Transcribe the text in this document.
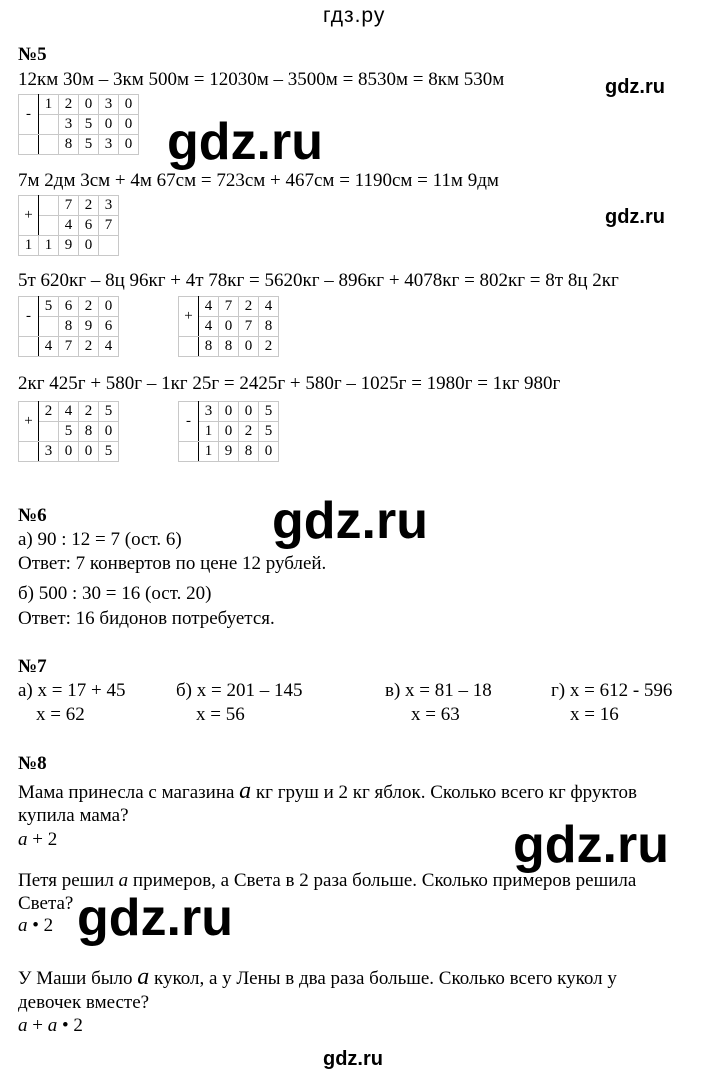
гдз.ру
№5
12км 30м – 3км 500м = 12030м – 3500м = 8530м = 8км 530м	gdz.ru
-	1	2	0	3	0
		3	5	0	0
		8	5	3	0 gdz.ru
7м 2дм 3см + 4м 67см = 723см + 467см = 1190см = 11м 9дм
+		7	2	3
		4	6	7
1	1	9	0	
gdz.ru
5т 620кг – 8ц 96кг + 4т 78кг = 5620кг – 896кг + 4078кг = 802кг = 8т 8ц 2кг
-	5	6	2	0
		8	9	6
	4	7	2	4
+	4	7	2	4
	4	0	7	8
	8	8	0	2
2кг 425г + 580г – 1кг 25г = 2425г + 580г – 1025г = 1980г = 1кг 980г
+	2	4	2	5
		5	8	0
	3	0	0	5
-	3	0	0	5
	1	0	2	5
	1	9	8	0
№6	gdz.ru
а) 90 : 12 = 7 (ост. 6)
Ответ: 7 конвертов по цене 12 рублей.
б) 500 : 30 = 16 (ост. 20)
Ответ: 16 бидонов потребуется.
№7
а) x = 17 + 45
x = 62
б) x = 201 – 145
x = 56
в) x = 81 – 18
x = 63
г) x = 612 - 596
x = 16
№8
Мама принесла с магазина а кг груш и 2 кг яблок. Сколько всего кг фруктов
купила мама?
а + 2	gdz.ru
Петя решил а примеров, а Света в 2 раза больше. Сколько примеров решила
Света?
а • 2 gdz.ru
У Маши было а кукол, а у Лены в два раза больше. Сколько всего кукол у
девочек вместе?
а + а • 2
gdz.ru
